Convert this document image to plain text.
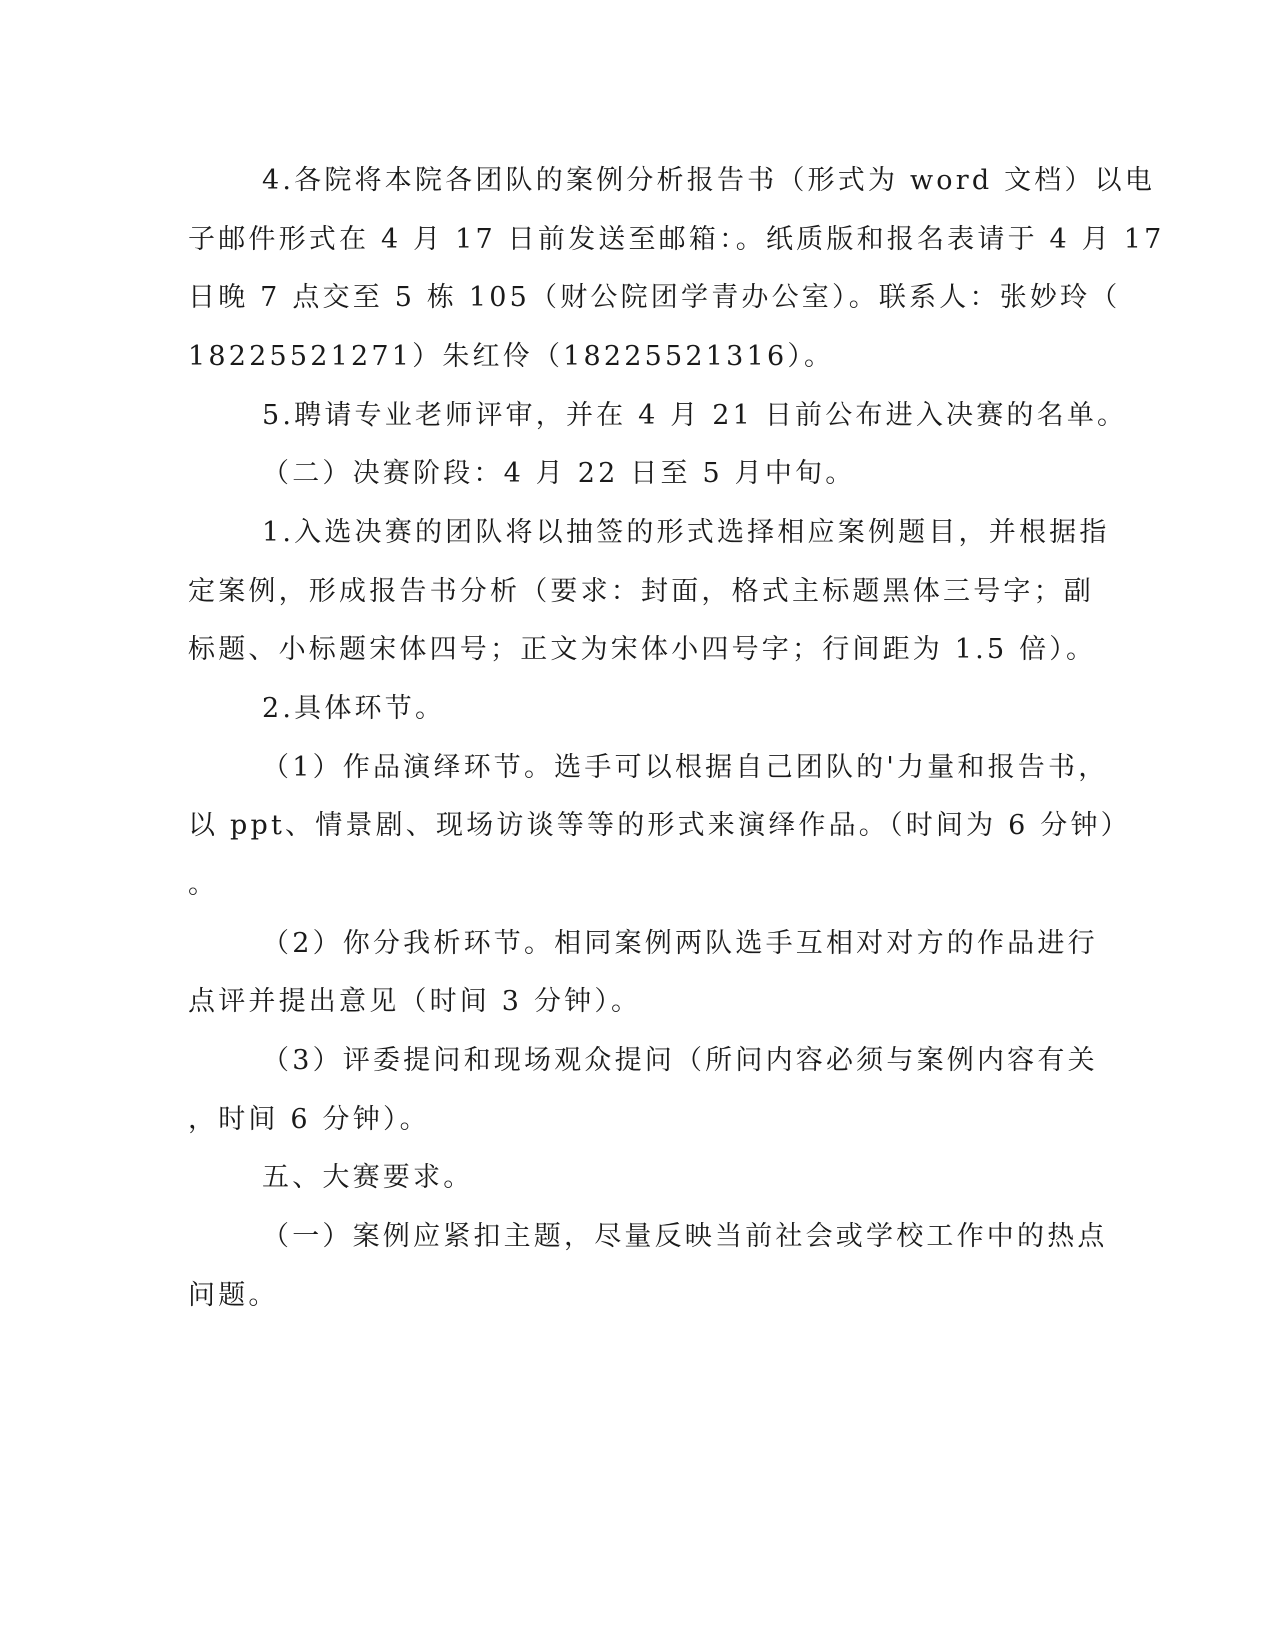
4.各院将本院各团队的案例分析报告书（形式为 word 文档）以电

子邮件形式在 4 月 17 日前发送至邮箱：。纸质版和报名表请于 4 月 17

日晚 7 点交至 5 栋 105（财公院团学青办公室）。联系人：张妙玲（

18225521271）朱红伶（18225521316）。

5.聘请专业老师评审，并在 4 月 21 日前公布进入决赛的名单。

（二）决赛阶段：4 月 22 日至 5 月中旬。

1.入选决赛的团队将以抽签的形式选择相应案例题目，并根据指

定案例，形成报告书分析（要求：封面，格式主标题黑体三号字；副

标题、小标题宋体四号；正文为宋体小四号字；行间距为 1.5 倍）。

2.具体环节。

（1）作品演绎环节。选手可以根据自己团队的'力量和报告书，

以 ppt、情景剧、现场访谈等等的形式来演绎作品。（时间为 6 分钟）

。

（2）你分我析环节。相同案例两队选手互相对对方的作品进行

点评并提出意见（时间 3 分钟）。

（3）评委提问和现场观众提问（所问内容必须与案例内容有关

，时间 6 分钟）。

五、大赛要求。

（一）案例应紧扣主题，尽量反映当前社会或学校工作中的热点

问题。
